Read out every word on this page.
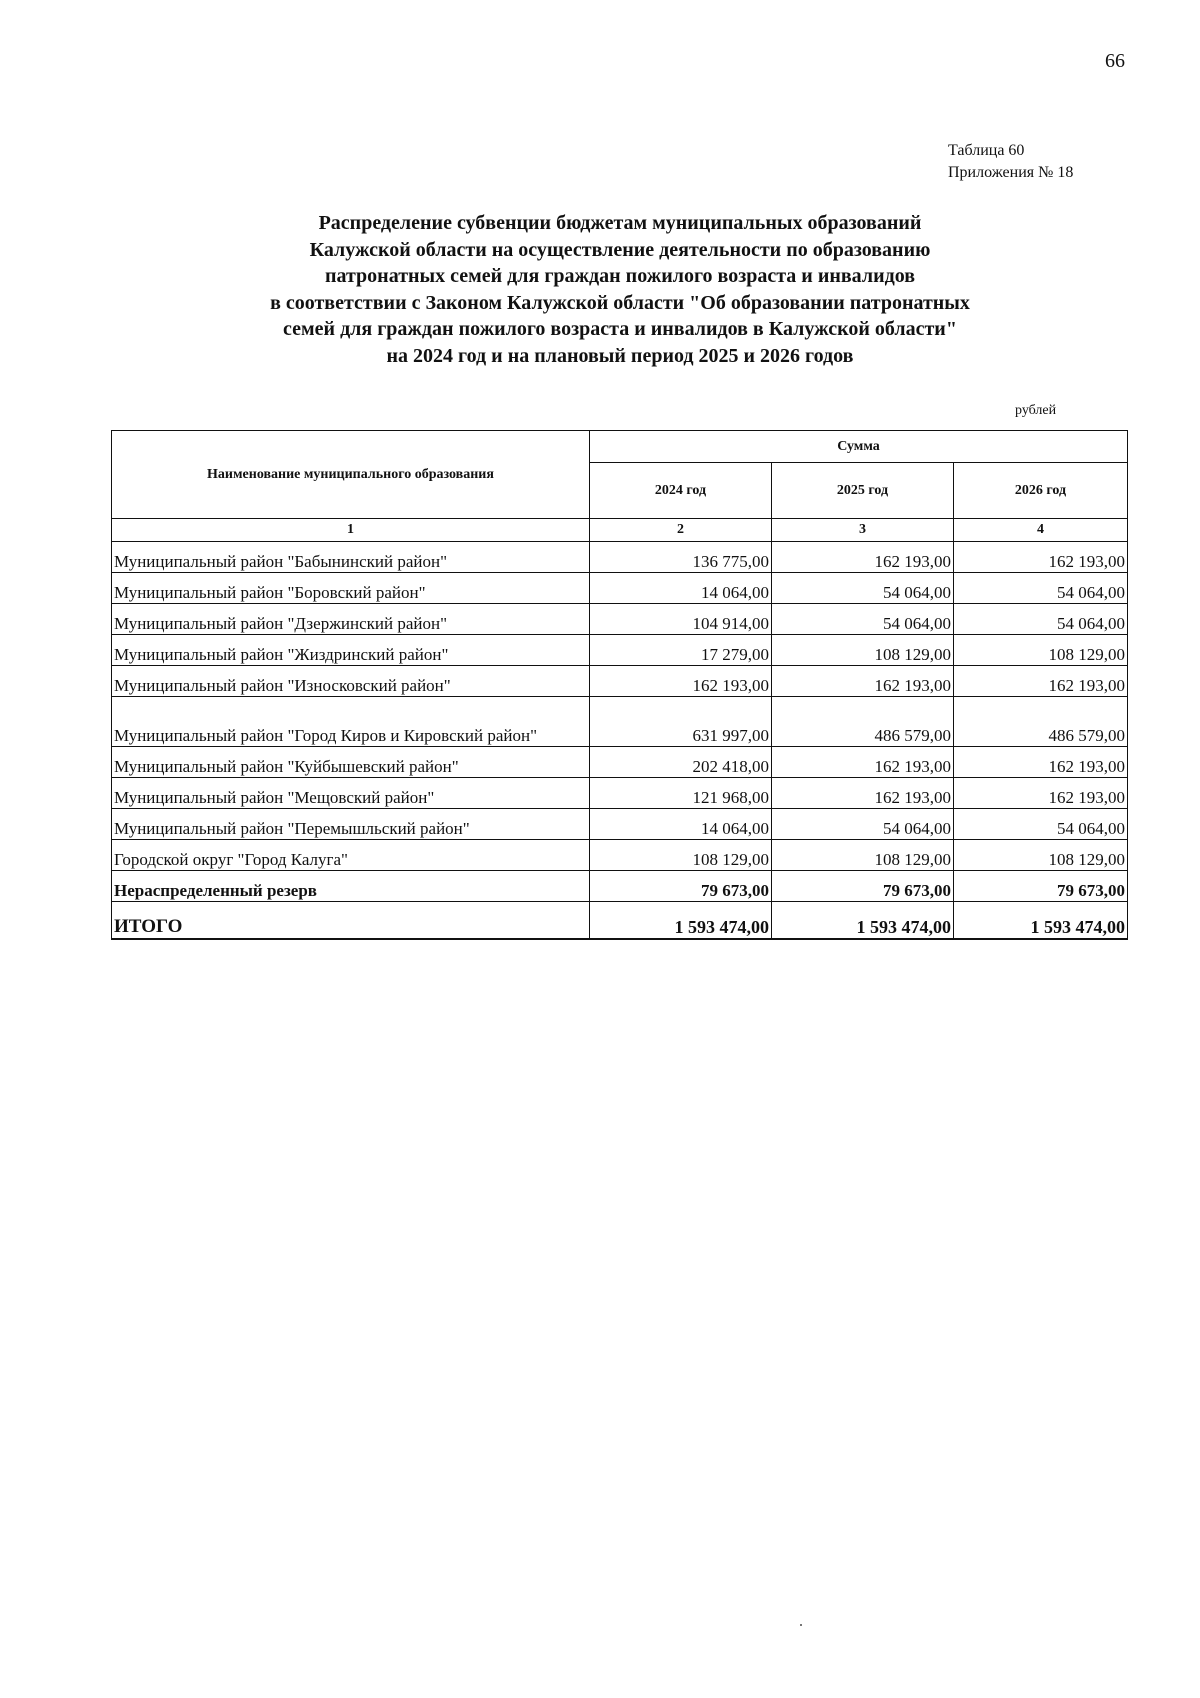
66
Таблица 60
Приложения № 18
Распределение субвенции бюджетам муниципальных образований
Калужской области на осуществление деятельности по образованию
патронатных семей для граждан пожилого возраста и инвалидов
в соответствии с Законом Калужской области "Об образовании патронатных
семей для граждан пожилого возраста и инвалидов в Калужской области"
на 2024 год и на плановый период 2025 и 2026 годов
рублей
Наименование муниципального образования	Сумма		
	2024 год	2025 год	2026 год
1	2	3	4
Муниципальный район "Бабынинский район"	136 775,00	162 193,00	162 193,00
Муниципальный район "Боровский район"	14 064,00	54 064,00	54 064,00
Муниципальный район "Дзержинский район"	104 914,00	54 064,00	54 064,00
Муниципальный район "Жиздринский район"	17 279,00	108 129,00	108 129,00
Муниципальный район "Износковский район"	162 193,00	162 193,00	162 193,00
Муниципальный район "Город Киров и Кировский район"	631 997,00	486 579,00	486 579,00
Муниципальный район "Куйбышевский район"	202 418,00	162 193,00	162 193,00
Муниципальный район "Мещовский район"	121 968,00	162 193,00	162 193,00
Муниципальный район "Перемышльский район"	14 064,00	54 064,00	54 064,00
Городской округ "Город Калуга"	108 129,00	108 129,00	108 129,00
Нераспределенный резерв	79 673,00	79 673,00	79 673,00
ИТОГО	1 593 474,00	1 593 474,00	1 593 474,00
